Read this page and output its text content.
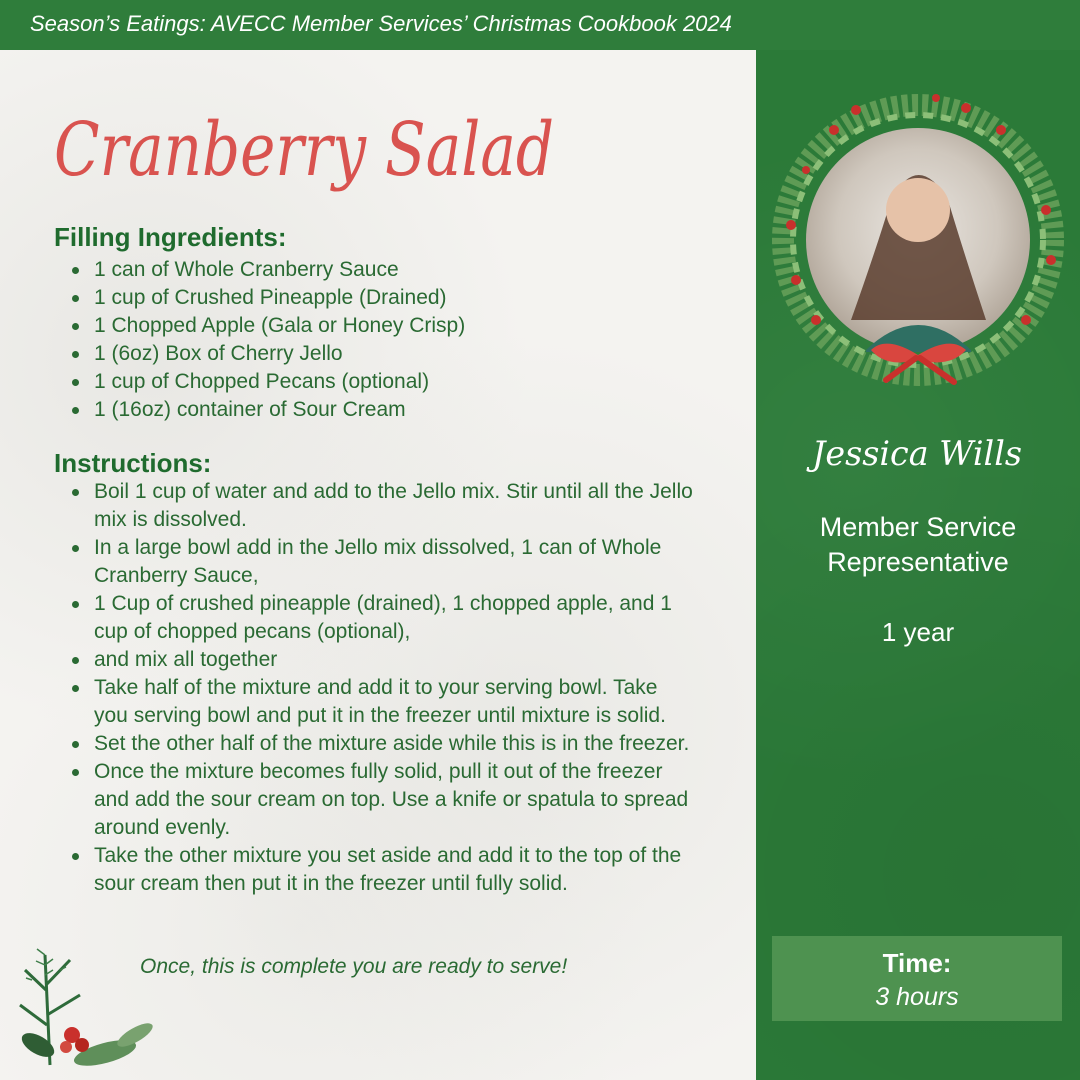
Season’s Eatings: AVECC Member Services’ Christmas Cookbook 2024
Cranberry Salad
Filling Ingredients:
1 can of Whole Cranberry Sauce
1 cup of Crushed Pineapple (Drained)
1 Chopped Apple (Gala or Honey Crisp)
1 (6oz) Box of Cherry Jello
1 cup of Chopped Pecans (optional)
1 (16oz) container of Sour Cream
Instructions:
Boil 1 cup of water and add to the Jello mix. Stir until all the Jello mix is dissolved.
In a large bowl add in the Jello mix dissolved, 1 can of Whole Cranberry Sauce,
1 Cup of crushed pineapple (drained), 1 chopped apple, and 1 cup of chopped pecans (optional),
and mix all together
Take half of the mixture and add it to your serving bowl. Take you serving bowl and put it in the freezer until mixture is solid.
Set the other half of the mixture aside while this is in the freezer.
Once the mixture becomes fully solid, pull it out of the freezer and add the sour cream on top. Use a knife or spatula to spread around evenly.
Take the other mixture you set aside and add it to the top of the sour cream then put it in the freezer until fully solid.
Once, this is complete you are ready to serve!
Jessica Wills
Member Service Representative
1 year
Time:
3 hours
